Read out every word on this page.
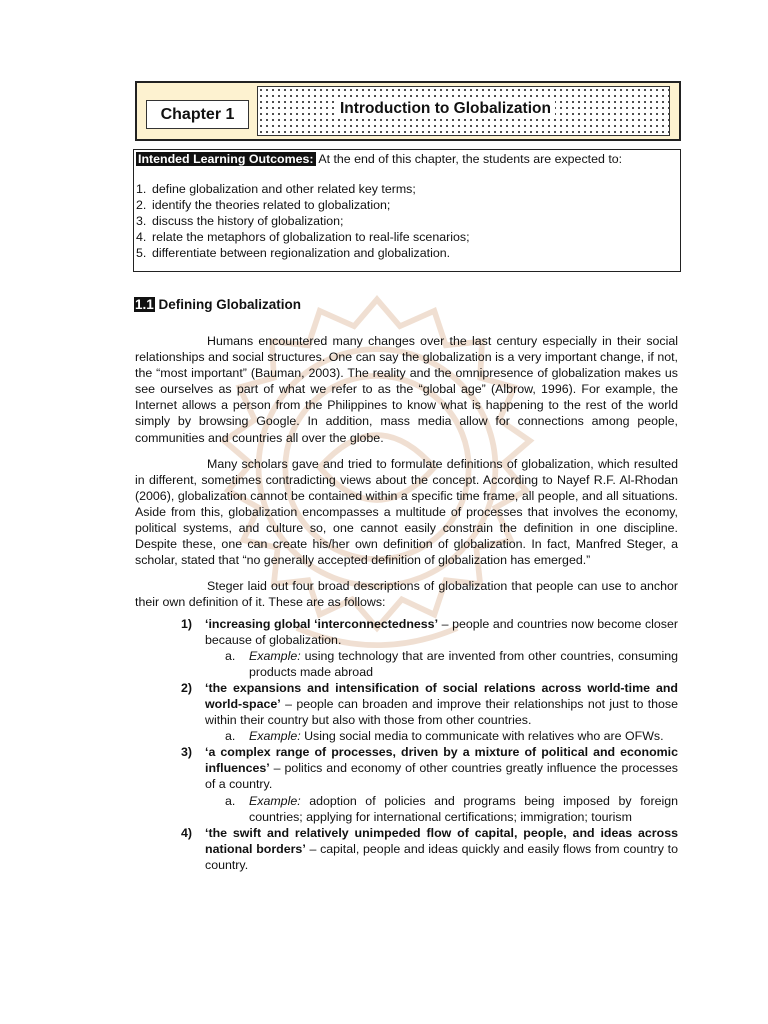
Chapter 1	Introduction to Globalization
Intended Learning Outcomes: At the end of this chapter, the students are expected to:
1. define globalization and other related key terms;
2. identify the theories related to globalization;
3. discuss the history of globalization;
4. relate the metaphors of globalization to real-life scenarios;
5. differentiate between regionalization and globalization.
1.1 Defining Globalization

Humans encountered many changes over the last century especially in their social relationships and social structures. One can say the globalization is a very important change, if not, the “most important” (Bauman, 2003). The reality and the omnipresence of globalization makes us see ourselves as part of what we refer to as the “global age” (Albrow, 1996). For example, the Internet allows a person from the Philippines to know what is happening to the rest of the world simply by browsing Google. In addition, mass media allow for connections among people, communities and countries all over the globe.

Many scholars gave and tried to formulate definitions of globalization, which resulted in different, sometimes contradicting views about the concept. According to Nayef R.F. Al-Rhodan (2006), globalization cannot be contained within a specific time frame, all people, and all situations. Aside from this, globalization encompasses a multitude of processes that involves the economy, political systems, and culture so, one cannot easily constrain the definition in one discipline. Despite these, one can create his/her own definition of globalization. In fact, Manfred Steger, a scholar, stated that “no generally accepted definition of globalization has emerged.”

Steger laid out four broad descriptions of globalization that people can use to anchor their own definition of it. These are as follows:

1)	‘increasing global ‘interconnectedness’ – people and countries now become closer because of globalization.
a.	Example: using technology that are invented from other countries, consuming products made abroad
2)	‘the expansions and intensification of social relations across world-time and world-space’ – people can broaden and improve their relationships not just to those within their country but also with those from other countries.
a.	Example: Using social media to communicate with relatives who are OFWs.
3)	‘a complex range of processes, driven by a mixture of political and economic influences’ – politics and economy of other countries greatly influence the processes of a country.
a.	Example: adoption of policies and programs being imposed by foreign countries; applying for international certifications; immigration; tourism
4)	‘the swift and relatively unimpeded flow of capital, people, and ideas across national borders’ – capital, people and ideas quickly and easily flows from country to country.
